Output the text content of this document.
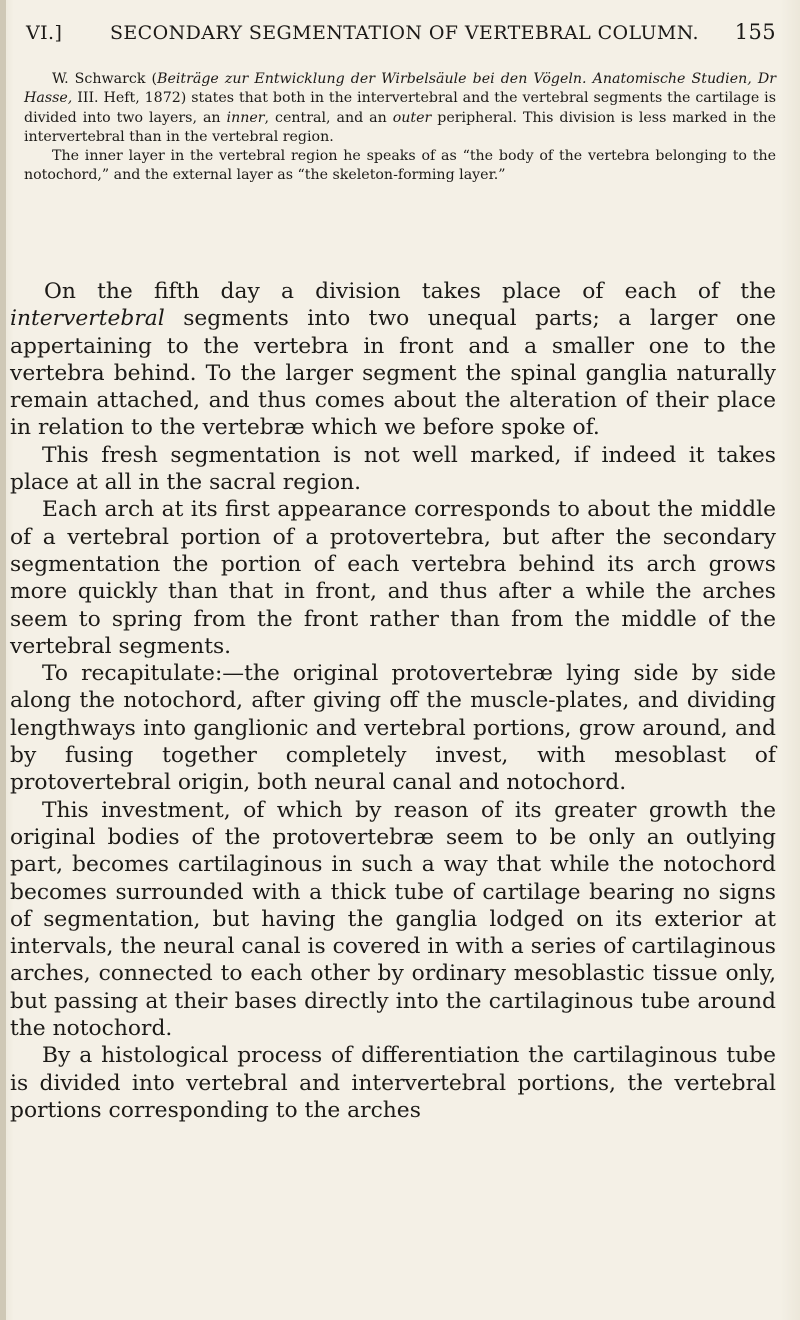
VI.]	SECONDARY SEGMENTATION OF VERTEBRAL COLUMN.	155

W. Schwarck (Beiträge zur Entwicklung der Wirbelsäule bei den Vögeln. Anatomische Studien, Dr Hasse, III. Heft, 1872) states that both in the intervertebral and the vertebral segments the cartilage is divided into two layers, an inner, central, and an outer peripheral. This division is less marked in the intervertebral than in the vertebral region.

The inner layer in the vertebral region he speaks of as “the body of the vertebra belonging to the notochord,” and the external layer as “the skeleton-forming layer.”

On the fifth day a division takes place of each of the intervertebral segments into two unequal parts; a larger one appertaining to the vertebra in front and a smaller one to the vertebra behind. To the larger segment the spinal ganglia naturally remain attached, and thus comes about the alteration of their place in relation to the vertebræ which we before spoke of.

This fresh segmentation is not well marked, if indeed it takes place at all in the sacral region.

Each arch at its first appearance corresponds to about the middle of a vertebral portion of a protovertebra, but after the secondary segmentation the portion of each vertebra behind its arch grows more quickly than that in front, and thus after a while the arches seem to spring from the front rather than from the middle of the vertebral segments.

To recapitulate:—the original protovertebræ lying side by side along the notochord, after giving off the muscle-plates, and dividing lengthways into ganglionic and vertebral portions, grow around, and by fusing together completely invest, with mesoblast of protovertebral origin, both neural canal and notochord.

This investment, of which by reason of its greater growth the original bodies of the protovertebræ seem to be only an outlying part, becomes cartilaginous in such a way that while the notochord becomes surrounded with a thick tube of cartilage bearing no signs of segmentation, but having the ganglia lodged on its exterior at intervals, the neural canal is covered in with a series of cartilaginous arches, connected to each other by ordinary mesoblastic tissue only, but passing at their bases directly into the cartilaginous tube around the notochord.

By a histological process of differentiation the cartilaginous tube is divided into vertebral and intervertebral portions, the vertebral portions corresponding to the arches
